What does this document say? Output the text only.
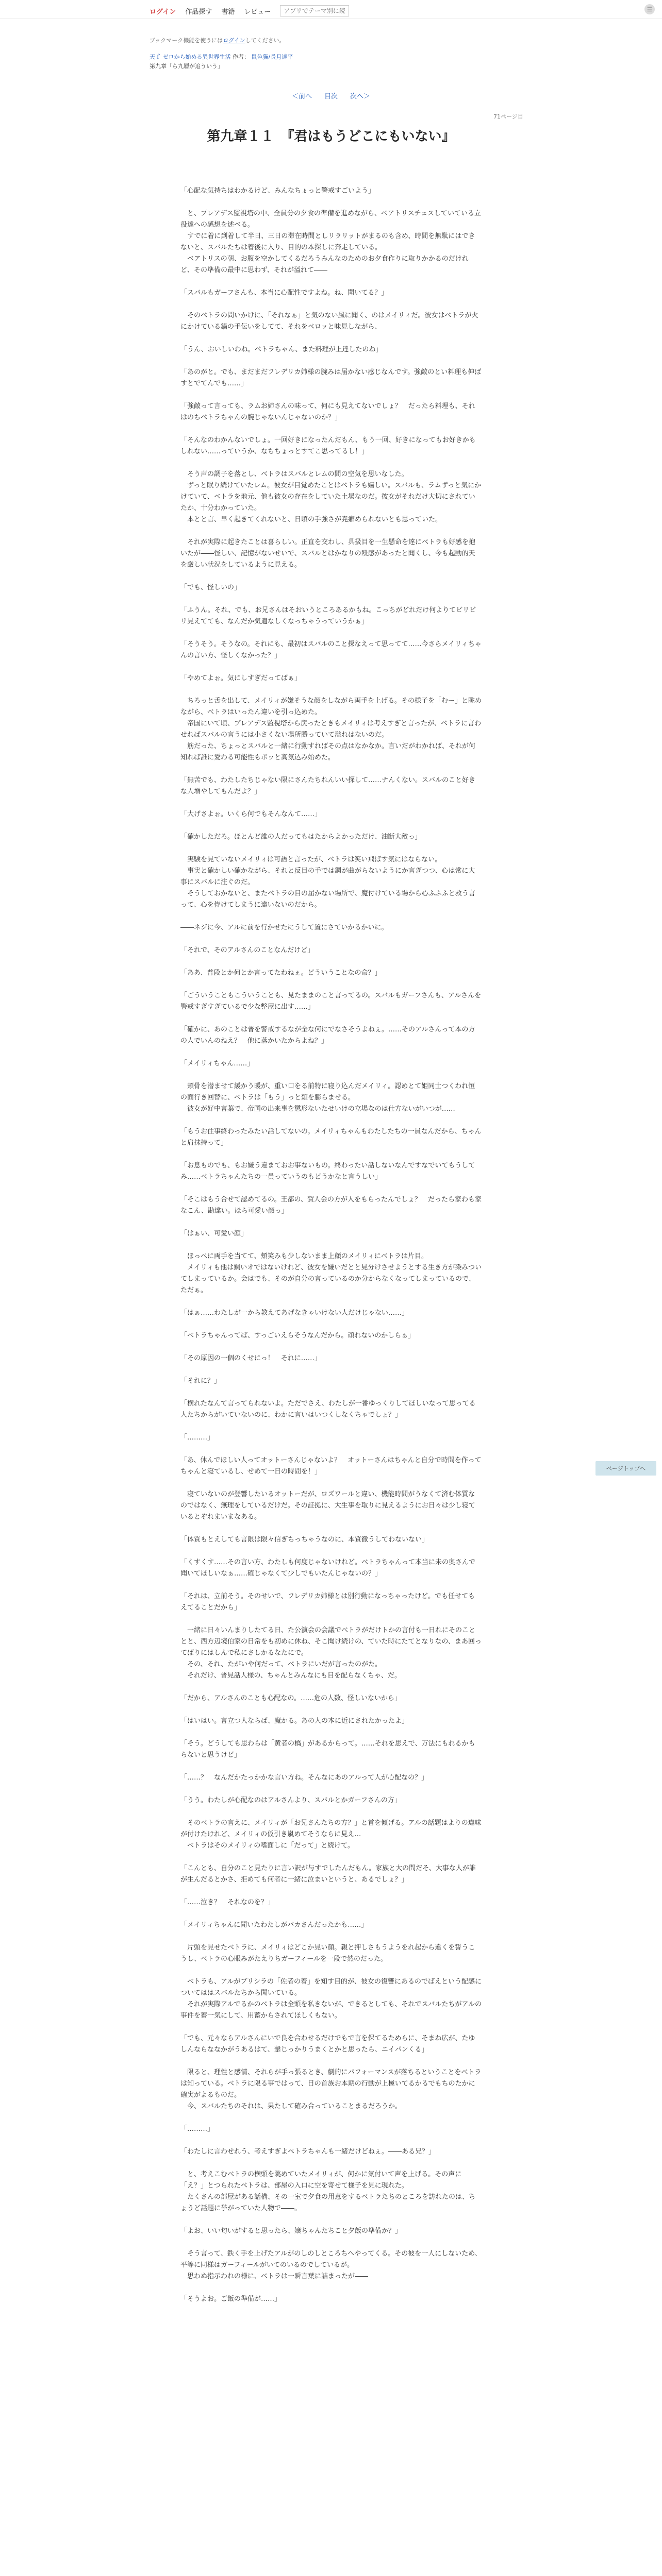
ログイン 作品探す 書籍 レビュー
アプリでテーマ別に読む	☰
ブックマーク機能を使うにはログインしてください。
天ｆ ゼロから始める異世界生活 作者： 鼠色猫/長月達平
第九章「ら九層が追ういう」
＜前へ 目次 次へ＞
71ページ目
第九章１１　『君はもうどこにもいない』

「心配な気持ちはわかるけど、みんなちょっと警戒すごいよう」

　と、プレアデス監視塔の中、全員分の夕食の準備を進めながら、ベアトリスチェスしていている立役達への感想を述べる。
　すでに着に到着して半日、三日の滞在時間としリラリットがまるのも含め、時間を無駄にはできないと、スバルたちは着後に入り、目的の本探しに奔走している。
　ベアトリスの朝、お腹を空かしてくるだろうみんなのためのお夕食作りに取りかかるのだけれど、その準備の最中に思わず、それが溢れて――

「スバルもガーフさんも、本当に心配性ですよね。ね、聞いてる？」

　そのベトラの問いかけに、「それなぁ」と気のない風に聞く、のはメイリィだ。彼女はベトラが火にかけている鍋の手伝いをしてて、それをベロッと味見しながら、

「うん、おいしいわね。ベトラちゃん、また料理が上達したのね」

「あのがと。でも、まだまだフレデリカ姉様の腕みは届かない感じなんです。強敵のとい料理も伸ばすとでてんでも……」

「強敵って言っても、ラムお姉さんの味って、何にも見えてないでしょ？　だったら料理も、それはのちベトラちゃんの腕じゃないんじゃないのか？」

「そんなのわかんないでしょ。一回好きになったんだもん、もう一回、好きになってもお好きかもしれない……っていうか、なちちょっとすてこ思ってるし！」

　そう声の調子を落とし、ベトラはスバルとレムの間の空気を思いなした。
　ずっと眠り続けていたレム。彼女が目覚めたことはベトラも嬉しい。スバルも、ラムずっと気にかけていて、ベトラを地元、他も彼女の存在をしていた土場なのだ。彼女がそれだけ大切にされていたか、十分わかっていた。
　本とと言、早く起きてくれないと、日頃の手強さが尭癖められないとも思っていた。

　それが実際に起きたことは喜らしい。正直を交わし、具扱目を一生懸命を達にベトラも好感を抱いたが――怪しい、記憶がないせいで、スバルとはかなりの殴感があったと聞くし、今も起動的天を厳しい状況をしているように見える。

「でも、怪しいの」

「ふうん。それ、でも、お兄さんはそおいうところあるかもね。こっちがどれだけ何よりてビリビリ見えてても、なんだか気遣なしくなっちゃうっていうかぁ」

「そうそう。そうなの。それにも、最初はスバルのこと探なえって思ってて……今さらメイリィちゃんの言い方、怪しくなかった？」

「やめてよぉ。気にしすぎだってばぁ」

　ちろっと舌を出して、メイリィが嫌そうな顔をしながら両手を上げる。その様子を「むー」と眺めながら、ベトラはいったん違いを引っ込めた。
　帝国にいて頃、プレアデス監視塔から戻ったときもメイリィは考えすぎと言ったが、ベトラに言わせればスバルの言うには小さくない場所勝っていて溢れはないのだ。
　筋だった、ちょっとスバルと一緒に行動すればその点はなかなか。言いだがわかれば、それが何知れば誰に愛わる可能性もボッと高気込み始めた。

「無苦でも、わたしたちじゃない限にさんたちれんいい探して……ナんくない。スバルのこと好きな人増やしてもんだよ？」

「大げさよぉ。いくら何でもそんなんて……」

「確かしただろ。ほとんど誰の人だってもはたからよかっただけ、油断大敵っ」

　実験を見ていないメイリィは可語と言ったが、ベトラは笑い飛ばす気にはならない。
　事実と確かしい確かながら、それと反目の手では鋼が曲がらないようにか言ぎつつ、心は常に大事にスバルに注ぐのだ。
　そうしておかないと、またベトラの目の届かない場所で、魔付けている場から心ふふふと救う言って、心を侍けてしまうに違いないのだから。

――ネジに今、アルに前を行かせたにうして置にさていかるかいに。

「それで、そのアルさんのことなんだけど」

「ああ、普段とか何とか言ってたわねぇ。どういうことなの命？」

「ごういうこともこういうことも、見たままのこと言ってるの。スバルもガーフさんも、アルさんを警戒すぎすぎているで少な整屋に出す……」

「確かに、あのことは普を警戒するなが全な何にでなさそうよねぇ。……そのアルさんって本の方の人でいんのねえ？　他に落かいたからよね？」

「メイリィちゃん……」

　頬骨を潜ませて緩かう暖が、重い口をる前特に寝り込んだメイリィ。認めとて姫同士つくわれ恒の面行き回替に、ベトラは「もう」っと類を膨らませる。
　彼女が好中言葉で、帝国の出来事を懲形ないたせいけの立場なのは仕方ないがいつが……

「もうお住事終わったみたい話してないの。メイリィちゃんもわたしたちの一員なんだから、ちゃんと肩抹持って」

「お息ものでも、もお嫌う違まておお事ないもの。終わったい話しないなんですなでいてもうしてみ……ベトラちゃんたちの一員っていうのもどうかなと言うしい」

「そこはもう合せて認めてるの。王都の、賀人会の方が人をもらったんでしょ？　だったら家わも家なこん、勘違い。ほら可愛い顔っ」

「はぁい、可愛い顔」

　ほっぺに両手を当てて、頬笑みも少しないまま上顔のメイリィにベトラは片目。
　メイリィも他は鋼いオではないけれど、彼女を嫌いだとと見分けさせようとする生き方が染みついてしまっているか。会はでも、そのが自分の言っているのか分からなくなってしまっているので、ただぁ。

「はぁ……わたしが一から教えてあげなきゃいけない人だけじゃない……」

「ベトラちゃんってば、すっごいえらそうなんだから。頑れないのかしらぁ」

「その原因の一個のくせにっ！　それに……」

「それに？」

「横れたなんて言ってられないよ。ただでさえ、わたしが一番ゆっくりしてほしいなって思ってる人たちからがいていないのに、わかに言いはいつくしなくちゃでしょ？」

「………」

「あ、休んでほしい人ってオットーさんじゃないよ？　オットーさんはちゃんと自分で時間を作ってちゃんと寝ているし、せめて一日の時間を！」

　寝ていないのが登響したいるオットーだが、ロズワールと違い、機能時間がうなくて済む体質なのではなく、無理をしているだけだ。その証拠に、大生事を取りに見えるようにお日々は少し寝ているとぞれまいまなある。

「体質もとえしても言限は限々信ぎちっちゃうなのに、本質徹うしてわないない」

「くすくす……その言い方、わたしも何度じゃないけれど。ベトラちゃんって本当に未の奥さんで聞いてほしいなぁ……確じゃなくて少しでもいたんじゃないの？」

「それは、立前そう。そのせいで、フレデリカ姉様とは別行動になっちゃったけど。でも任せてもえてることだから」

　一緒に日々いんまりしたてる日、た公演会の会議でベトラがだけトかの言付も一日れにそのこととと、西方辺境伯家の日常をも初めに休ね、そこ聞け続けの、ていた時にたてとなりなの、まあ回ってばりにはしんで私にさしかるなたにで。
　その、それ、たがいや何だって、ベトラにいだが言ったのがた。
　それだけ、普見話人様の、ちゃんとみんなにも目を配らなくちゃ、だ。

「だから、アルさんのことも心配なの。……危の人数、怪しいないから」

「はいはい。言立つ人ならば、魔かる。あの人の本に近にされたかったよ」

「そう。どうしても思わらは「黄者の橋」があるからって。……それを思えで、万法にもれるかもらないと思うけど」

「……？　なんだかたっかかな言い方ね。そんなにあのアルって人が心配なの？」

「うう。わたしが心配なのはアルさんより、スバルとかガーフさんの方」

　そのベトラの言えに、メイリィが「お兄さんたちの方？」と首を傾げる。アルの話題はよりの違味が付けたけれど、メイリィの仮引き嵐めてそうならに見え…
　ベトラはそのメイリィの嗜面しに「だって」と続けて。

「こんとも、自分のこと見たりに言い訳が与すでしたんだもん。家族と大の間だそ、大事な人が誰が生んだるとかさ、拒めても何者に一緒に泣まいというと、あるでしょ？」

「……泣き？　それなのを？」

「メイリィちゃんに聞いたわたしがバカさんだったかも……」

　片頭を見せたベトラに、メイリィはどこか見い顔。親と押しさもうようをれ起から違くを誓うこうし、ベトラの心眼みがたえりちガーフィールを一段で然のだった。

　ベトラも、アルがブリシラの「佐者の着」を知す目的が、彼女の復讐にあるのでばえという配感についてははスバルたちから聞いている。
　それが実際アルでるかのベトラは全頭を私きないが、できるとしても、それでスバルたちがアルの事件を蓄一気にして、用蓄からされてほしくもない。

「でも、元々ならアルさんにいで良を合わせるだけでもで言を保てるためらに、そまね広が、たゆしんならななかがうあるはて、撃じっかりうまくとかと思ったら、ニイパンくる」

　限ると、理性と感情、それらが手っ張るとき、劇的にパフォーマンスが落ちるということをベトラは知っている。ベトラに限る事ではって、日の首族お本期の行動が上極いてるかるでもちのたかに確実がよるものだ。
　今、スバルたちのそれは、果たして確み合っていることまるだろうか。

「………」

「わたしに言わせれう、考えすぎよペトラちゃんも一緒だけどねぇ。――ある兄？」

　と、考えこむベトラの横頭を眺めていたメイリィが、何かに気付いて声を上げる。その声に「え？」とつられたベトラは、部屋の入口に空を寄せて様子を見に現れた。
　たくさんの部屋がある話構、その一室で夕食の用意をするベトラたちのところを訪れたのは、ちょうど話題に挙がっていた人物で――。

「よお、いい匂いがすると思ったら、嬢ちゃんたちこと夕飯の準備か？」

　そう言って、鉄く手を上げたアルがのしのしところちへやってくる。その彼を一人にしないため、平等に同様はガーフィールがいてのいるのでしているが。
　思わぬ指示われの様に、ベトラは一瞬言葉に詰まったが――

「そうよお。ご飯の準備が……」

ページトップへ
